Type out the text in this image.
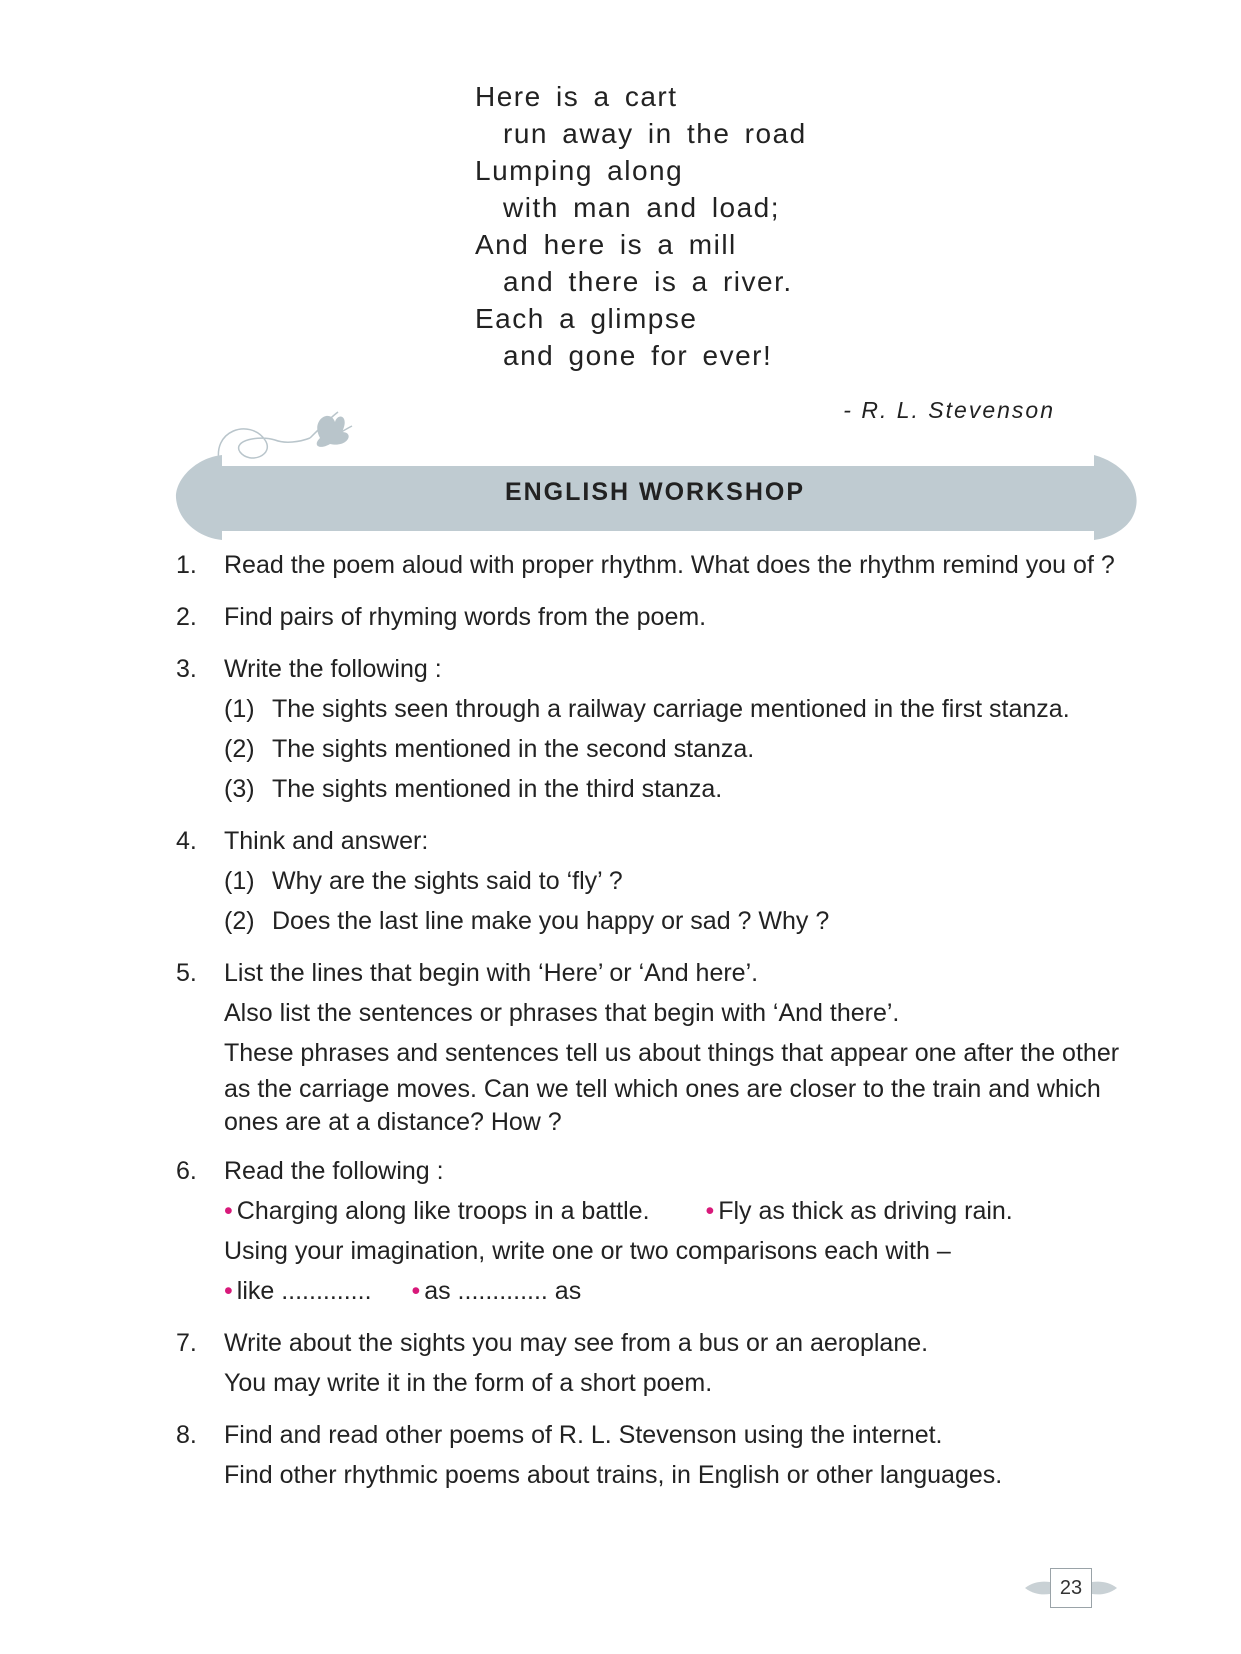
Here is a cart
run away in the road
Lumping along
with man and load;
And here is a mill
and there is a river.
Each a glimpse
and gone for ever!
- R. L. Stevenson
ENGLISH WORKSHOP
1. Read the poem aloud with proper rhythm. What does the rhythm remind you of ?
2. Find pairs of rhyming words from the poem.
3. Write the following :
(1) The sights seen through a railway carriage mentioned in the first stanza.
(2) The sights mentioned in the second stanza.
(3) The sights mentioned in the third stanza.
4. Think and answer:
(1) Why are the sights said to ‘fly’ ?
(2) Does the last line make you happy or sad ? Why ?
5. List the lines that begin with ‘Here’ or ‘And here’.
Also list the sentences or phrases that begin with ‘And there’.
These phrases and sentences tell us about things that appear one after the other
as the carriage moves. Can we tell which ones are closer to the train and which ones are at a distance? How ?
6. Read the following :
• Charging along like troops in a battle. • Fly as thick as driving rain.
Using your imagination, write one or two comparisons each with –
• like ............. • as ............. as
7. Write about the sights you may see from a bus or an aeroplane.
You may write it in the form of a short poem.
8. Find and read other poems of R. L. Stevenson using the internet.
Find other rhythmic poems about trains, in English or other languages.
23
